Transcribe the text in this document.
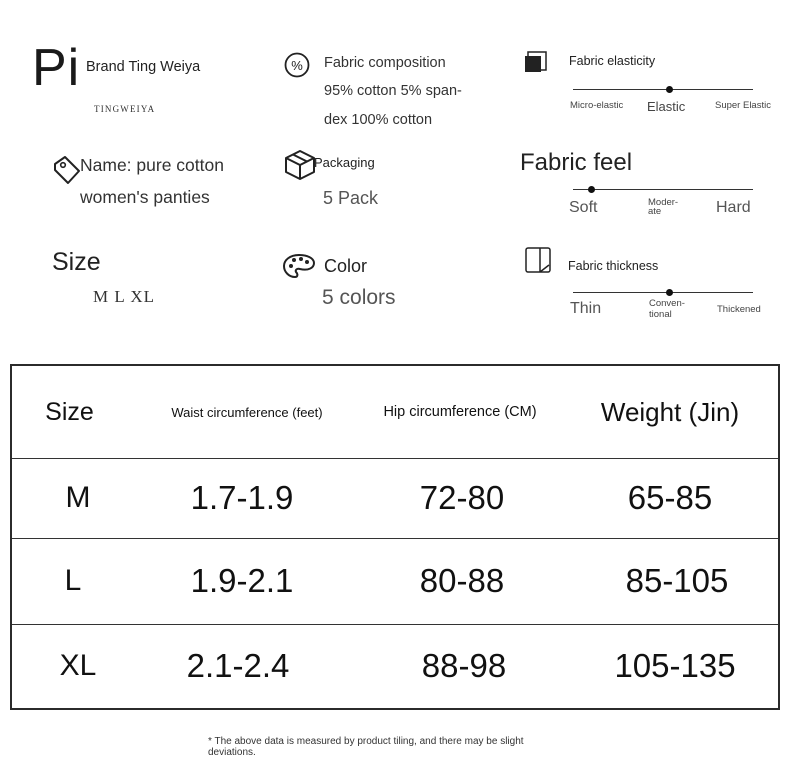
Pi Brand Ting Weiya
TINGWEIYA
% Fabric composition
95% cotton 5% span-
dex 100% cotton
Fabric elasticity
Micro-elastic Elastic	Super Elastic
Name: pure cotton
women's panties
Packaging
5 Pack
Fabric feel
Soft	Moder-
ate	Hard
Size
M L XL
Color
5 colors
Fabric thickness
Thin	Conven-
tional	Thickened
Size	Waist circumference (feet)	Hip circumference (CM)	Weight (Jin)
M	1.7-1.9	72-80	65-85
L	1.9-2.1	80-88	85-105
XL	2.1-2.4	88-98	105-135
* The above data is measured by product tiling, and there may be slight deviations.
